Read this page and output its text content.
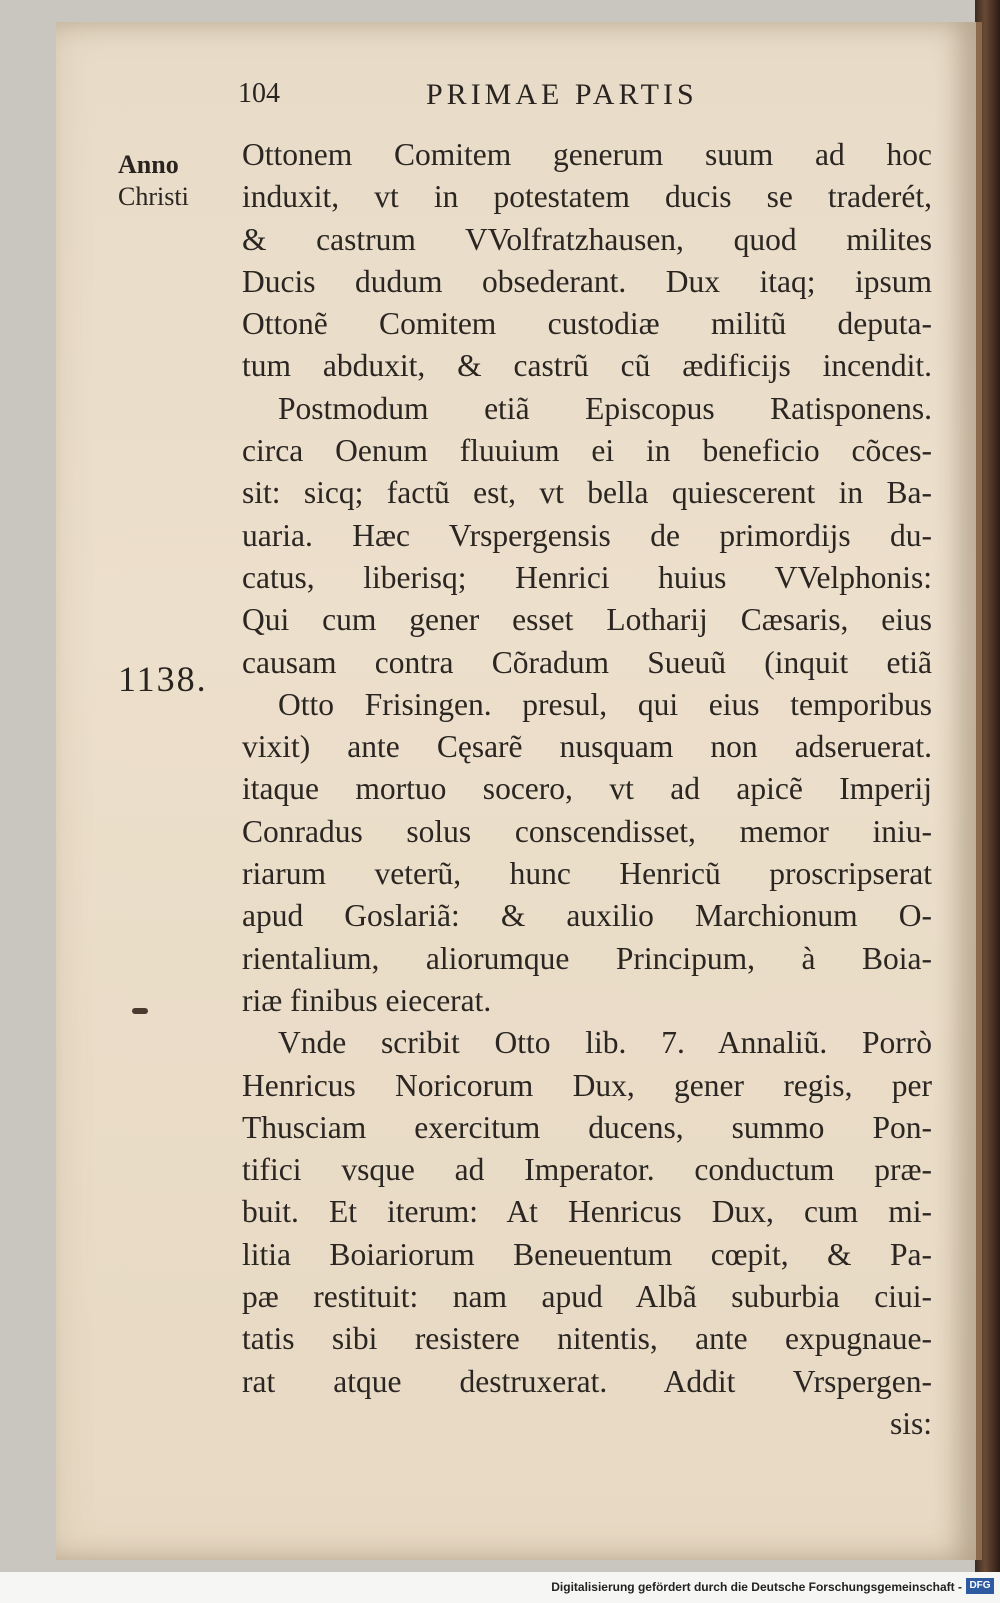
104	PRIMAE PARTIS
Anno
Christi
1138.
Ottonem Comitem generum suum ad hoc
induxit, vt in potestatem ducis se traderét,
& castrum VVolfratzhausen, quod milites
Ducis dudum obsederant. Dux itaq; ipsum
Ottonẽ Comitem custodiæ militũ deputa-
tum abduxit, & castrũ cũ ædificijs incendit.
Postmodum etiã Episcopus Ratisponens.
circa Oenum fluuium ei in beneficio cõces-
sit: sicq; factũ est, vt bella quiescerent in Ba-
uaria. Hæc Vrspergensis de primordijs du-
catus, liberisq; Henrici huius VVelphonis:
Qui cum gener esset Lotharij Cæsaris, eius
causam contra Cõradum Sueuũ (inquit etiã
Otto Frisingen. presul, qui eius temporibus
vixit) ante Cęsarẽ nusquam non adseruerat.
itaque mortuo socero, vt ad apicẽ Imperij
Conradus solus conscendisset, memor iniu-
riarum veterũ, hunc Henricũ proscripserat
apud Goslariã: & auxilio Marchionum O-
rientalium, aliorumque Principum, à Boia-
riæ finibus eiecerat.
Vnde scribit Otto lib. 7. Annaliũ. Porrò
Henricus Noricorum Dux, gener regis, per
Thusciam exercitum ducens, summo Pon-
tifici vsque ad Imperator. conductum præ-
buit. Et iterum: At Henricus Dux, cum mi-
litia Boiariorum Beneuentum cœpit, & Pa-
pæ restituit: nam apud Albã suburbia ciui-
tatis sibi resistere nitentis, ante expugnaue-
rat atque destruxerat. Addit Vrspergen-
sis:
Digitalisierung gefördert durch die Deutsche Forschungsgemeinschaft - DFG
